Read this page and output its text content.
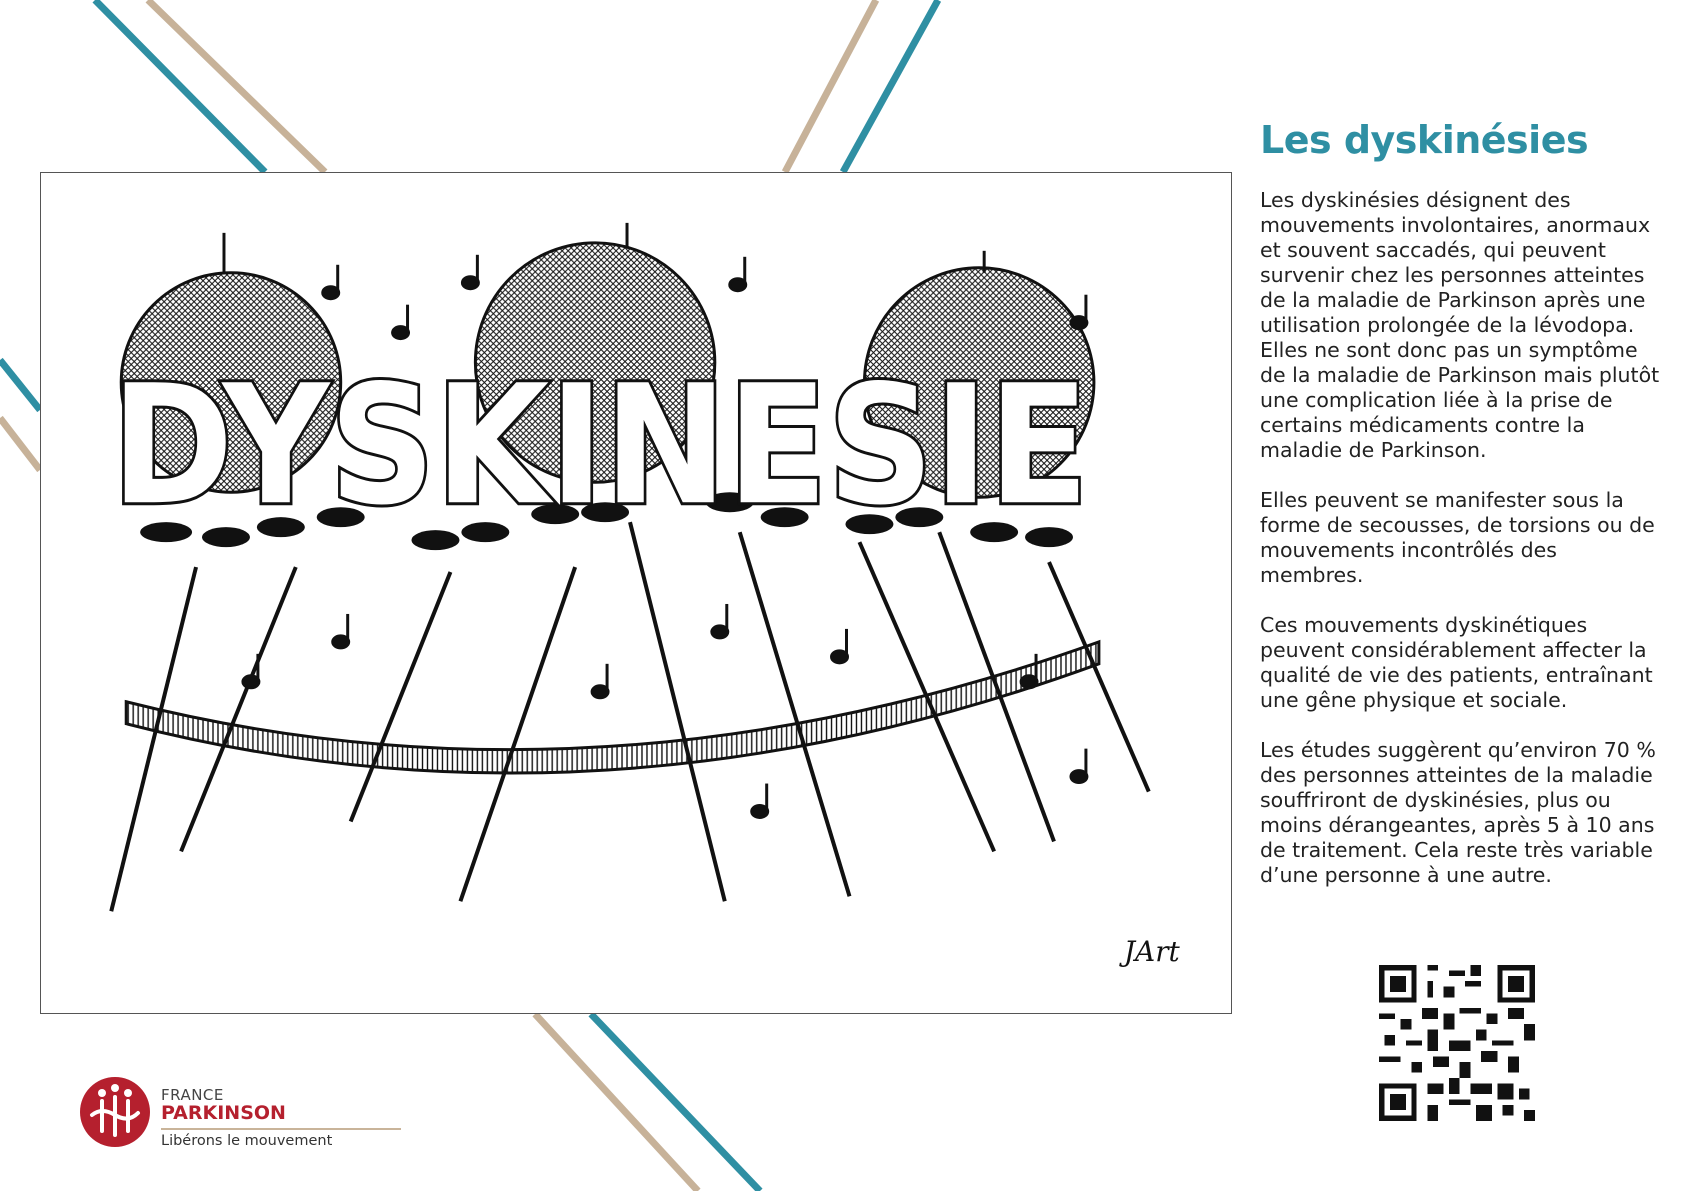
DYSKINESIE
JArt
Les dyskinésies

Les dyskinésies désignent des mouvements involontaires, anormaux et souvent saccadés, qui peuvent survenir chez les personnes atteintes de la maladie de Parkinson après une utilisation prolongée de la lévodopa. Elles ne sont donc pas un symptôme de la maladie de Parkinson mais plutôt une complication liée à la prise de certains médicaments contre la maladie de Parkinson.

Elles peuvent se manifester sous la forme de secousses, de torsions ou de mouvements incontrôlés des membres.

Ces mouvements dyskinétiques peuvent considérablement affecter la qualité de vie des patients, entraînant une gêne physique et sociale.

Les études suggèrent qu’environ 70 % des personnes atteintes de la maladie souffriront de dyskinésies, plus ou moins dérangeantes, après 5 à 10 ans de traitement. Cela reste très variable d’une personne à une autre.

FRANCE
PARKINSON
Libérons le mouvement
